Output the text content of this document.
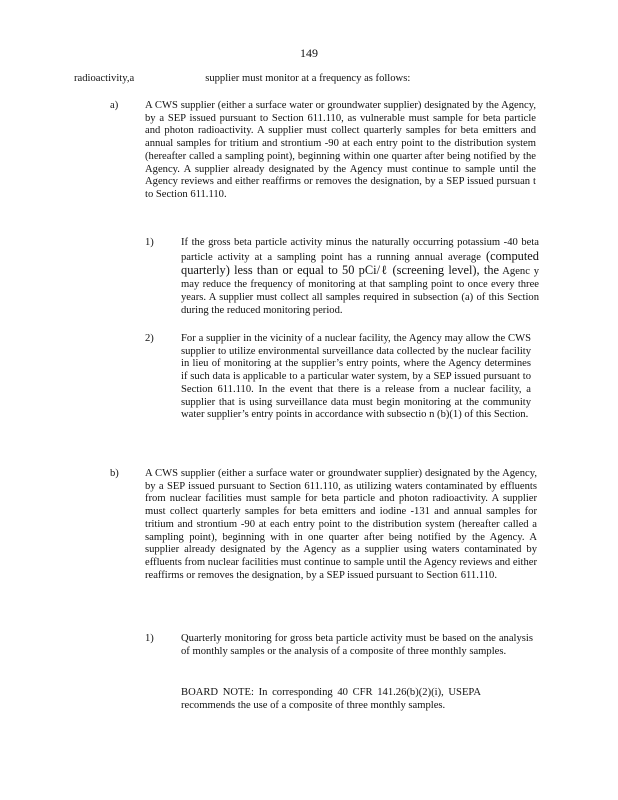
149
radioactivity,a	supplier must monitor at a frequency as follows:
a)	A CWS supplier (either a surface water or groundwater supplier) designated by the Agency, by a SEP issued pursuant to Section 611.110, as vulnerable must sample for beta particle and photon radioactivity. A supplier must collect quarterly samples for beta emitters and annual samples for tritium and strontium -90 at each entry point to the distribution system (hereafter called a sampling point), beginning within one quarter after being notified by the Agency. A supplier already designated by the Agency must continue to sample until the Agency reviews and either reaffirms or removes the designation, by a SEP issued pursuan t to Section 611.110.
1)	If the gross beta particle activity minus the naturally occurring potassium -40 beta particle activity at a sampling point has a running annual average (computed quarterly) less than or equal to 50 pCi/ℓ (screening level), the Agenc y may reduce the frequency of monitoring at that sampling point to once every three years. A supplier must collect all samples required in subsection (a) of this Section during the reduced monitoring period.
2)	For a supplier in the vicinity of a nuclear facility, the Agency may allow the CWS supplier to utilize environmental surveillance data collected by the nuclear facility in lieu of monitoring at the supplier’s entry points, where the Agency determines if such data is applicable to a particular water system, by a SEP issued pursuant to Section 611.110. In the event that there is a release from a nuclear facility, a supplier that is using surveillance data must begin monitoring at the community water supplier’s entry points in accordance with subsectio n (b)(1) of this Section.
b) A CWS supplier (either a surface water or groundwater supplier) designated by the Agency, by a SEP issued pursuant to Section 611.110, as utilizing waters contaminated by effluents from nuclear facilities must sample for beta particle and photon radioactivity. A supplier must collect quarterly samples for beta emitters and iodine -131 and annual samples for tritium and strontium -90 at each entry point to the distribution system (hereafter called a sampling point), beginning with in one quarter after being notified by the Agency. A supplier already designated by the Agency as a supplier using waters contaminated by effluents from nuclear facilities must continue to sample until the Agency reviews and either reaffirms or removes the designation, by a SEP issued pursuant to Section 611.110.
1)	Quarterly monitoring for gross beta particle activity must be based on the analysis of monthly samples or the analysis of a composite of three monthly samples.
BOARD NOTE: In corresponding 40 CFR 141.26(b)(2)(i), USEPA recommends the use of a composite of three monthly samples.
